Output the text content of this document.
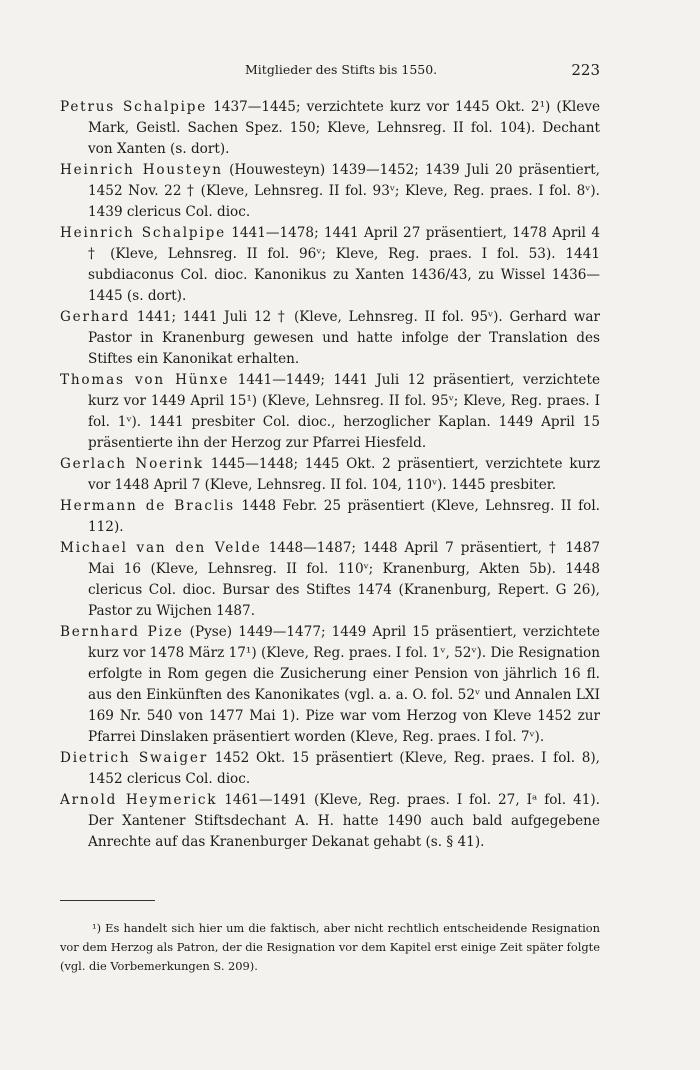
Mitglieder des Stifts bis 1550.	223

Petrus Schalpipe 1437—1445; verzichtete kurz vor 1445 Okt. 2¹) (Kleve Mark, Geistl. Sachen Spez. 150; Kleve, Lehnsreg. II fol. 104). Dechant von Xanten (s. dort).

Heinrich Housteyn (Houwesteyn) 1439—1452; 1439 Juli 20 präsentiert, 1452 Nov. 22 † (Kleve, Lehnsreg. II fol. 93ᵛ; Kleve, Reg. praes. I fol. 8ᵛ). 1439 clericus Col. dioc.

Heinrich Schalpipe 1441—1478; 1441 April 27 präsentiert, 1478 April 4 † (Kleve, Lehnsreg. II fol. 96ᵛ; Kleve, Reg. praes. I fol. 53). 1441 subdiaconus Col. dioc. Kanonikus zu Xanten 1436/43, zu Wissel 1436—1445 (s. dort).

Gerhard 1441; 1441 Juli 12 † (Kleve, Lehnsreg. II fol. 95ᵛ). Gerhard war Pastor in Kranenburg gewesen und hatte infolge der Translation des Stiftes ein Kanonikat erhalten.

Thomas von Hünxe 1441—1449; 1441 Juli 12 präsentiert, verzichtete kurz vor 1449 April 15¹) (Kleve, Lehnsreg. II fol. 95ᵛ; Kleve, Reg. praes. I fol. 1ᵛ). 1441 presbiter Col. dioc., herzoglicher Kaplan. 1449 April 15 präsentierte ihn der Herzog zur Pfarrei Hiesfeld.

Gerlach Noerink 1445—1448; 1445 Okt. 2 präsentiert, verzichtete kurz vor 1448 April 7 (Kleve, Lehnsreg. II fol. 104, 110ᵛ). 1445 presbiter.

Hermann de Braclis 1448 Febr. 25 präsentiert (Kleve, Lehnsreg. II fol. 112).

Michael van den Velde 1448—1487; 1448 April 7 präsentiert, † 1487 Mai 16 (Kleve, Lehnsreg. II fol. 110ᵛ; Kranenburg, Akten 5b). 1448 clericus Col. dioc. Bursar des Stiftes 1474 (Kranenburg, Repert. G 26), Pastor zu Wijchen 1487.

Bernhard Pize (Pyse) 1449—1477; 1449 April 15 präsentiert, verzichtete kurz vor 1478 März 17¹) (Kleve, Reg. praes. I fol. 1ᵛ, 52ᵛ). Die Resignation erfolgte in Rom gegen die Zusicherung einer Pension von jährlich 16 fl. aus den Einkünften des Kanonikates (vgl. a. a. O. fol. 52ᵛ und Annalen LXI 169 Nr. 540 von 1477 Mai 1). Pize war vom Herzog von Kleve 1452 zur Pfarrei Dinslaken präsentiert worden (Kleve, Reg. praes. I fol. 7ᵛ).

Dietrich Swaiger 1452 Okt. 15 präsentiert (Kleve, Reg. praes. I fol. 8), 1452 clericus Col. dioc.

Arnold Heymerick 1461—1491 (Kleve, Reg. praes. I fol. 27, Iᵃ fol. 41). Der Xantener Stiftsdechant A. H. hatte 1490 auch bald aufgegebene Anrechte auf das Kranenburger Dekanat gehabt (s. § 41).

¹) Es handelt sich hier um die faktisch, aber nicht rechtlich entscheidende Resignation vor dem Herzog als Patron, der die Resignation vor dem Kapitel erst einige Zeit später folgte (vgl. die Vorbemerkungen S. 209).
